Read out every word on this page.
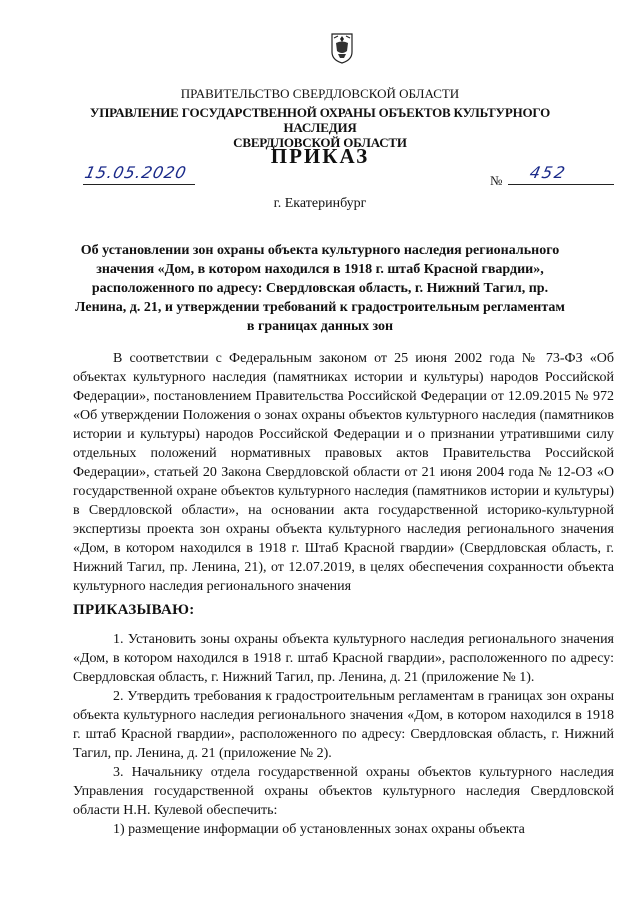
ПРАВИТЕЛЬСТВО СВЕРДЛОВСКОЙ ОБЛАСТИ
УПРАВЛЕНИЕ ГОСУДАРСТВЕННОЙ ОХРАНЫ ОБЪЕКТОВ КУЛЬТУРНОГО НАСЛЕДИЯ
СВЕРДЛОВСКОЙ ОБЛАСТИ
ПРИКАЗ
15.05.2020	№ 452
г. Екатеринбург
Об установлении зон охраны объекта культурного наследия регионального значения «Дом, в котором находился в 1918 г. штаб Красной гвардии», расположенного по адресу: Свердловская область, г. Нижний Тагил, пр. Ленина, д. 21, и утверждении требований к градостроительным регламентам в границах данных зон

В соответствии с Федеральным законом от 25 июня 2002 года № 73-ФЗ «Об объектах культурного наследия (памятниках истории и культуры) народов Российской Федерации», постановлением Правительства Российской Федерации от 12.09.2015 № 972 «Об утверждении Положения о зонах охраны объектов культурного наследия (памятников истории и культуры) народов Российской Федерации и о признании утратившими силу отдельных положений нормативных правовых актов Правительства Российской Федерации», статьей 20 Закона Свердловской области от 21 июня 2004 года № 12-ОЗ «О государственной охране объектов культурного наследия (памятников истории и культуры) в Свердловской области», на основании акта государственной историко-культурной экспертизы проекта зон охраны объекта культурного наследия регионального значения «Дом, в котором находился в 1918 г. Штаб Красной гвардии» (Свердловская область, г. Нижний Тагил, пр. Ленина, 21), от 12.07.2019, в целях обеспечения сохранности объекта культурного наследия регионального значения

ПРИКАЗЫВАЮ:

1. Установить зоны охраны объекта культурного наследия регионального значения «Дом, в котором находился в 1918 г. штаб Красной гвардии», расположенного по адресу: Свердловская область, г. Нижний Тагил, пр. Ленина, д. 21 (приложение № 1).

2. Утвердить требования к градостроительным регламентам в границах зон охраны объекта культурного наследия регионального значения «Дом, в котором находился в 1918 г. штаб Красной гвардии», расположенного по адресу: Свердловская область, г. Нижний Тагил, пр. Ленина, д. 21 (приложение № 2).

3. Начальнику отдела государственной охраны объектов культурного наследия Управления государственной охраны объектов культурного наследия Свердловской области Н.Н. Кулевой обеспечить:

1) размещение информации об установленных зонах охраны объекта
